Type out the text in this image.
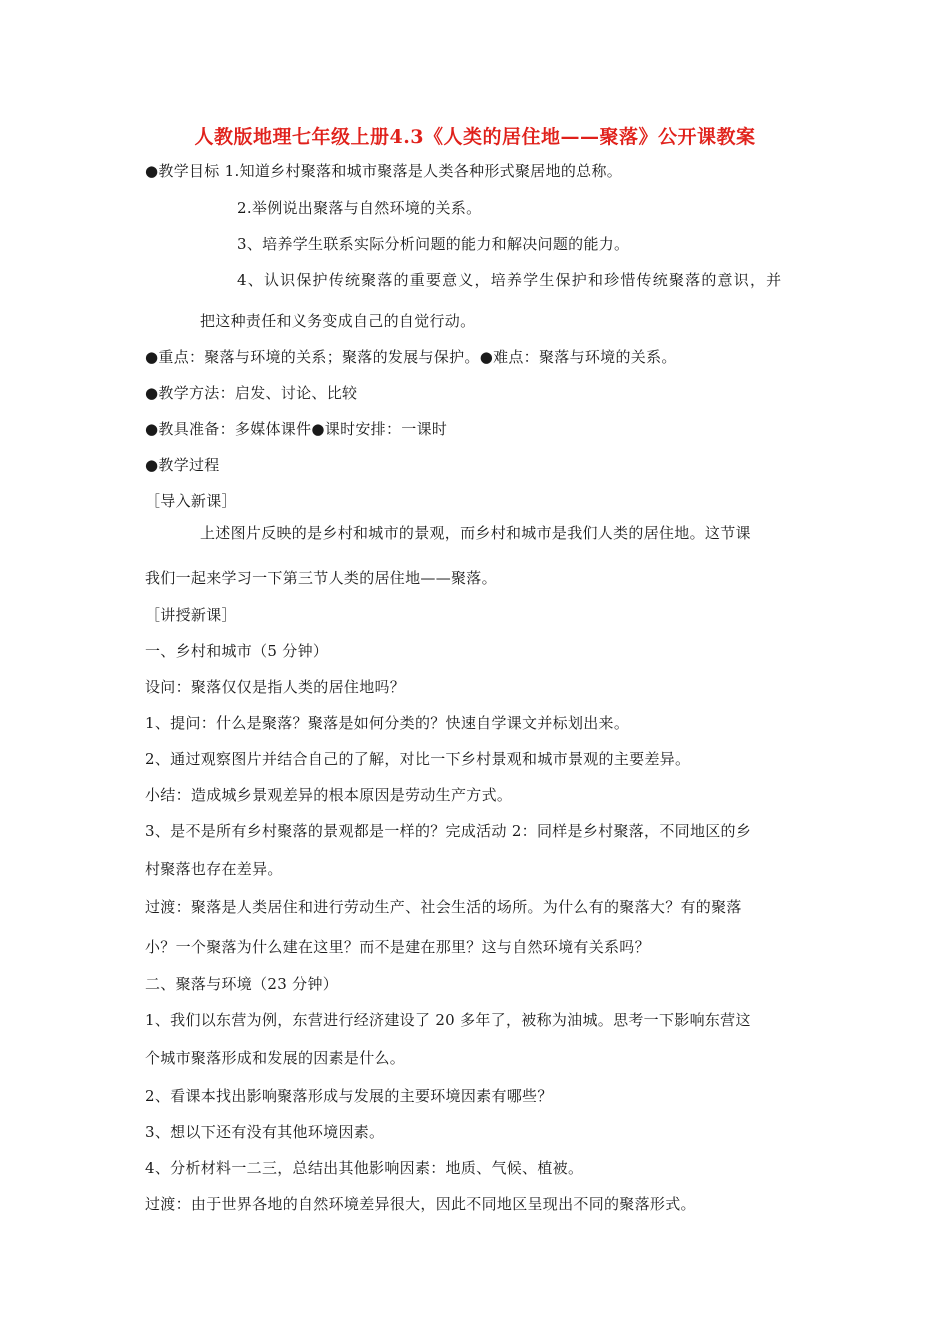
人教版地理七年级上册4.3《人类的居住地——聚落》公开课教案
●教学目标 1.知道乡村聚落和城市聚落是人类各种形式聚居地的总称。
2.举例说出聚落与自然环境的关系。
3、培养学生联系实际分析问题的能力和解决问题的能力。
4、认识保护传统聚落的重要意义，培养学生保护和珍惜传统聚落的意识，并
把这种责任和义务变成自己的自觉行动。
●重点：聚落与环境的关系；聚落的发展与保护。●难点：聚落与环境的关系。
●教学方法：启发、讨论、比较
●教具准备：多媒体课件●课时安排：一课时
●教学过程
［导入新课］
上述图片反映的是乡村和城市的景观，而乡村和城市是我们人类的居住地。这节课
我们一起来学习一下第三节人类的居住地——聚落。
［讲授新课］
一、乡村和城市（5 分钟）
设问：聚落仅仅是指人类的居住地吗？
1、提问：什么是聚落？聚落是如何分类的？快速自学课文并标划出来。
2、通过观察图片并结合自己的了解，对比一下乡村景观和城市景观的主要差异。
小结：造成城乡景观差异的根本原因是劳动生产方式。
3、是不是所有乡村聚落的景观都是一样的？完成活动 2：同样是乡村聚落，不同地区的乡
村聚落也存在差异。
过渡：聚落是人类居住和进行劳动生产、社会生活的场所。为什么有的聚落大？有的聚落
小？一个聚落为什么建在这里？而不是建在那里？这与自然环境有关系吗？
二、聚落与环境（23 分钟）
1、我们以东营为例，东营进行经济建设了 20 多年了，被称为油城。思考一下影响东营这
个城市聚落形成和发展的因素是什么。
2、看课本找出影响聚落形成与发展的主要环境因素有哪些？
3、想以下还有没有其他环境因素。
4、分析材料一二三，总结出其他影响因素：地质、气候、植被。
过渡：由于世界各地的自然环境差异很大，因此不同地区呈现出不同的聚落形式。
